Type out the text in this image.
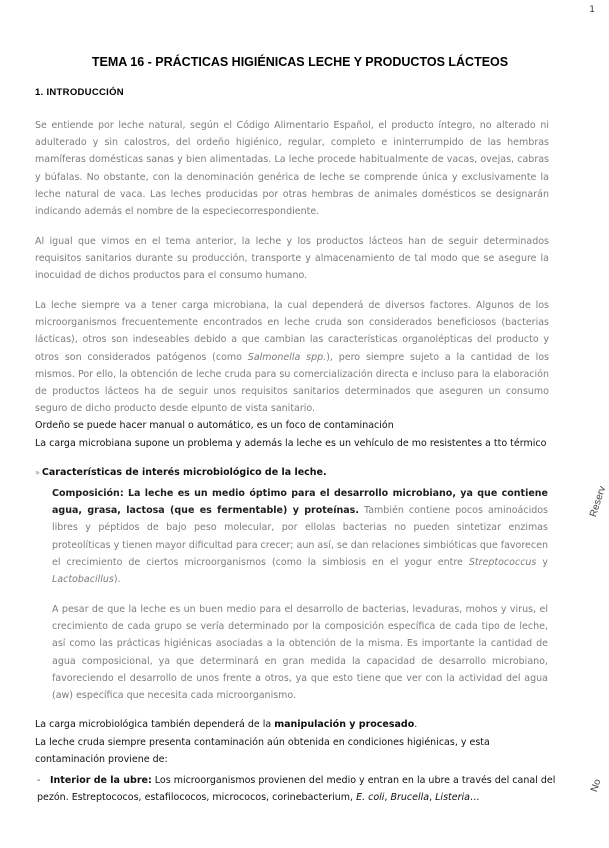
1
TEMA 16 - PRÁCTICAS HIGIÉNICAS LECHE Y PRODUCTOS LÁCTEOS
1. INTRODUCCIÓN

Se entiende por leche natural, según el Código Alimentario Español, el producto íntegro, no alterado ni adulterado y sin calostros, del ordeño higiénico, regular, completo e ininterrumpido de las hembras mamíferas domésticas sanas y bien alimentadas. La leche procede habitualmente de vacas, ovejas, cabras y búfalas. No obstante, con la denominación genérica de leche se comprende única y exclusivamente la leche natural de vaca. Las leches producidas por otras hembras de animales domésticos se designarán indicando además el nombre de la especiecorrespondiente.

Al igual que vimos en el tema anterior, la leche y los productos lácteos han de seguir determinados requisitos sanitarios durante su producción, transporte y almacenamiento de tal modo que se asegure la inocuidad de dichos productos para el consumo humano.

La leche siempre va a tener carga microbiana, la cual dependerá de diversos factores. Algunos de los microorganismos frecuentemente encontrados en leche cruda son considerados beneficiosos (bacterias lácticas), otros son indeseables debido a que cambian las características organolépticas del producto y otros son considerados patógenos (como Salmonella spp.), pero siempre sujeto a la cantidad de los mismos. Por ello, la obtención de leche cruda para su comercialización directa e incluso para la elaboración de productos lácteos ha de seguir unos requisitos sanitarios determinados que aseguren un consumo seguro de dicho producto desde elpunto de vista sanitario.

Ordeño se puede hacer manual o automático, es un foco de contaminación

La carga microbiana supone un problema y además la leche es un vehículo de mo resistentes a tto térmico

» Características de interés microbiológico de la leche.

Composición: La leche es un medio óptimo para el desarrollo microbiano, ya que contiene agua, grasa, lactosa (que es fermentable) y proteínas. También contiene pocos aminoácidos libres y péptidos de bajo peso molecular, por ellolas bacterias no pueden sintetizar enzimas proteolíticas y tienen mayor dificultad para crecer; aun así, se dan relaciones simbióticas que favorecen el crecimiento de ciertos microorganismos (como la simbiosis en el yogur entre Streptococcus y Lactobacillus).

A pesar de que la leche es un buen medio para el desarrollo de bacterias, levaduras, mohos y virus, el crecimiento de cada grupo se vería determinado por la composición específica de cada tipo de leche, así como las prácticas higiénicas asociadas a la obtención de la misma. Es importante la cantidad de agua composicional, ya que determinará en gran medida la capacidad de desarrollo microbiano, favoreciendo el desarrollo de unos frente a otros, ya que esto tiene que ver con la actividad del agua (aw) específica que necesita cada microorganismo.

La carga microbiológica también dependerá de la manipulación y procesado.

La leche cruda siempre presenta contaminación aún obtenida en condiciones higiénicas, y esta contaminación proviene de:

- Interior de la ubre: Los microorganismos provienen del medio y entran en la ubre a través del canal del pezón. Estreptococos, estafilococos, micrococos, corinebacterium, E. coli, Brucella, Listeria…
Reserv
No
